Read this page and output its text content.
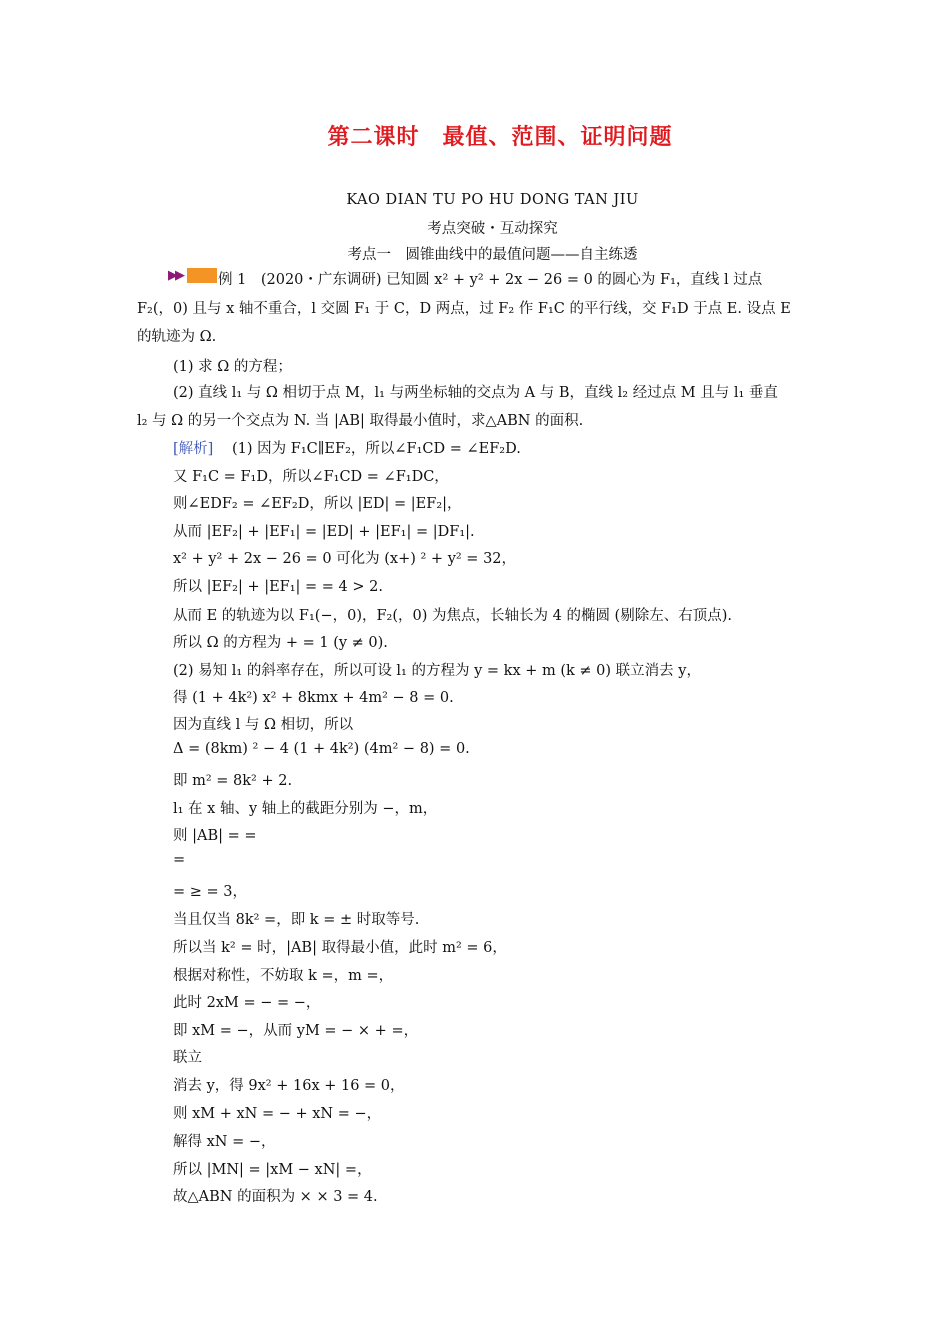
第二课时　最值、范围、证明问题
KAO DIAN TU PO HU DONG TAN JIU
考点突破・互动探究
考点一　圆锥曲线中的最值问题——自主练透
▶▶ 例 1　(2020・广东调研) 已知圆 x² + y² + 2x − 26 = 0 的圆心为 F₁，直线 l 过点
F₂(，0) 且与 x 轴不重合，l 交圆 F₁ 于 C，D 两点，过 F₂ 作 F₁C 的平行线，交 F₁D 于点 E. 设点 E
的轨迹为 Ω.
(1) 求 Ω 的方程；
(2) 直线 l₁ 与 Ω 相切于点 M，l₁ 与两坐标轴的交点为 A 与 B，直线 l₂ 经过点 M 且与 l₁ 垂直
l₂ 与 Ω 的另一个交点为 N. 当 |AB| 取得最小值时，求△ABN 的面积.
[解析] (1) 因为 F₁C∥EF₂，所以∠F₁CD = ∠EF₂D.
又 F₁C = F₁D，所以∠F₁CD = ∠F₁DC，
则∠EDF₂ = ∠EF₂D，所以 |ED| = |EF₂|，
从而 |EF₂| + |EF₁| = |ED| + |EF₁| = |DF₁|.
x² + y² + 2x − 26 = 0 可化为 (x+) ² + y² = 32，
所以 |EF₂| + |EF₁| = = 4 > 2.
从而 E 的轨迹为以 F₁(−，0)，F₂(，0) 为焦点，长轴长为 4 的椭圆 (剔除左、右顶点).
所以 Ω 的方程为 + = 1 (y ≠ 0).
(2) 易知 l₁ 的斜率存在，所以可设 l₁ 的方程为 y = kx + m (k ≠ 0) 联立消去 y，
得 (1 + 4k²) x² + 8kmx + 4m² − 8 = 0.
因为直线 l 与 Ω 相切，所以
Δ = (8km) ² − 4 (1 + 4k²) (4m² − 8) = 0.
即 m² = 8k² + 2.
l₁ 在 x 轴、y 轴上的截距分别为 −，m，
则 |AB| = =
=
= ≥ = 3，
当且仅当 8k² =，即 k = ± 时取等号.
所以当 k² = 时，|AB| 取得最小值，此时 m² = 6，
根据对称性，不妨取 k =，m =，
此时 2xM = − = −，
即 xM = −，从而 yM = − × + =，
联立
消去 y，得 9x² + 16x + 16 = 0，
则 xM + xN = − + xN = −，
解得 xN = −，
所以 |MN| = |xM − xN| =，
故△ABN 的面积为 × × 3 = 4.
